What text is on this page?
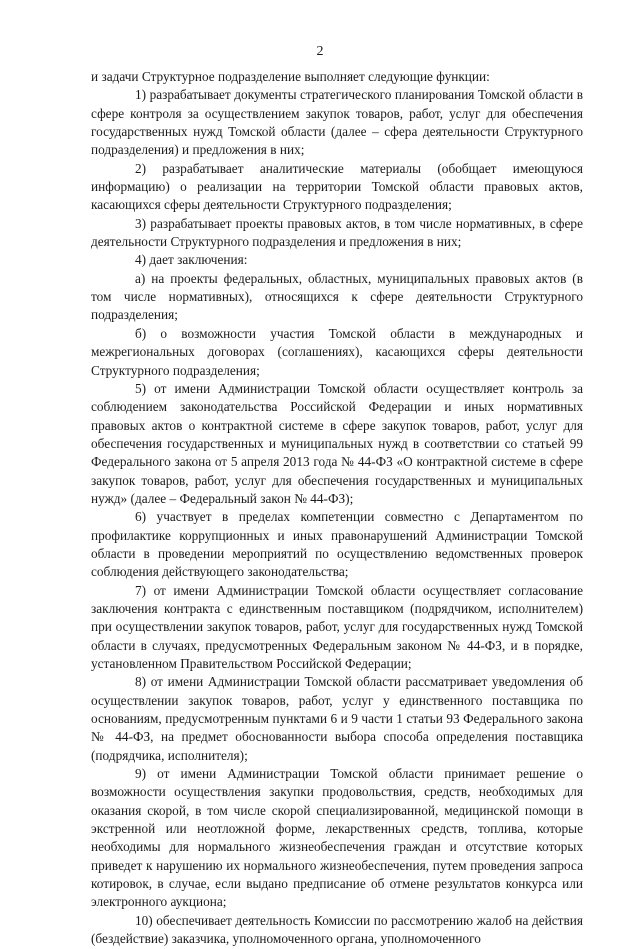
2

и задачи Структурное подразделение выполняет следующие функции:

1) разрабатывает документы стратегического планирования Томской области в сфере контроля за осуществлением закупок товаров, работ, услуг для обеспечения государственных нужд Томской области (далее – сфера деятельности Структурного подразделения) и предложения в них;

2) разрабатывает аналитические материалы (обобщает имеющуюся информацию) о реализации на территории Томской области правовых актов, касающихся сферы деятельности Структурного подразделения;

3) разрабатывает проекты правовых актов, в том числе нормативных, в сфере деятельности Структурного подразделения и предложения в них;

4) дает заключения:

а) на проекты федеральных, областных, муниципальных правовых актов (в том числе нормативных), относящихся к сфере деятельности Структурного подразделения;

б) о возможности участия Томской области в международных и межрегиональных договорах (соглашениях), касающихся сферы деятельности Структурного подразделения;

5) от имени Администрации Томской области осуществляет контроль за соблюдением законодательства Российской Федерации и иных нормативных правовых актов о контрактной системе в сфере закупок товаров, работ, услуг для обеспечения государственных и муниципальных нужд в соответствии со статьей 99 Федерального закона от 5 апреля 2013 года № 44-ФЗ «О контрактной системе в сфере закупок товаров, работ, услуг для обеспечения государственных и муниципальных нужд» (далее – Федеральный закон № 44-ФЗ);

6) участвует в пределах компетенции совместно с Департаментом по профилактике коррупционных и иных правонарушений Администрации Томской области в проведении мероприятий по осуществлению ведомственных проверок соблюдения действующего законодательства;

7) от имени Администрации Томской области осуществляет согласование заключения контракта с единственным поставщиком (подрядчиком, исполнителем) при осуществлении закупок товаров, работ, услуг для государственных нужд Томской области в случаях, предусмотренных Федеральным законом № 44-ФЗ, и в порядке, установленном Правительством Российской Федерации;

8) от имени Администрации Томской области рассматривает уведомления об осуществлении закупок товаров, работ, услуг у единственного поставщика по основаниям, предусмотренным пунктами 6 и 9 части 1 статьи 93 Федерального закона № 44-ФЗ, на предмет обоснованности выбора способа определения поставщика (подрядчика, исполнителя);

9) от имени Администрации Томской области принимает решение о возможности осуществления закупки продовольствия, средств, необходимых для оказания скорой, в том числе скорой специализированной, медицинской помощи в экстренной или неотложной форме, лекарственных средств, топлива, которые необходимы для нормального жизнеобеспечения граждан и отсутствие которых приведет к нарушению их нормального жизнеобеспечения, путем проведения запроса котировок, в случае, если выдано предписание об отмене результатов конкурса или электронного аукциона;

10) обеспечивает деятельность Комиссии по рассмотрению жалоб на действия (бездействие) заказчика, уполномоченного органа, уполномоченного
